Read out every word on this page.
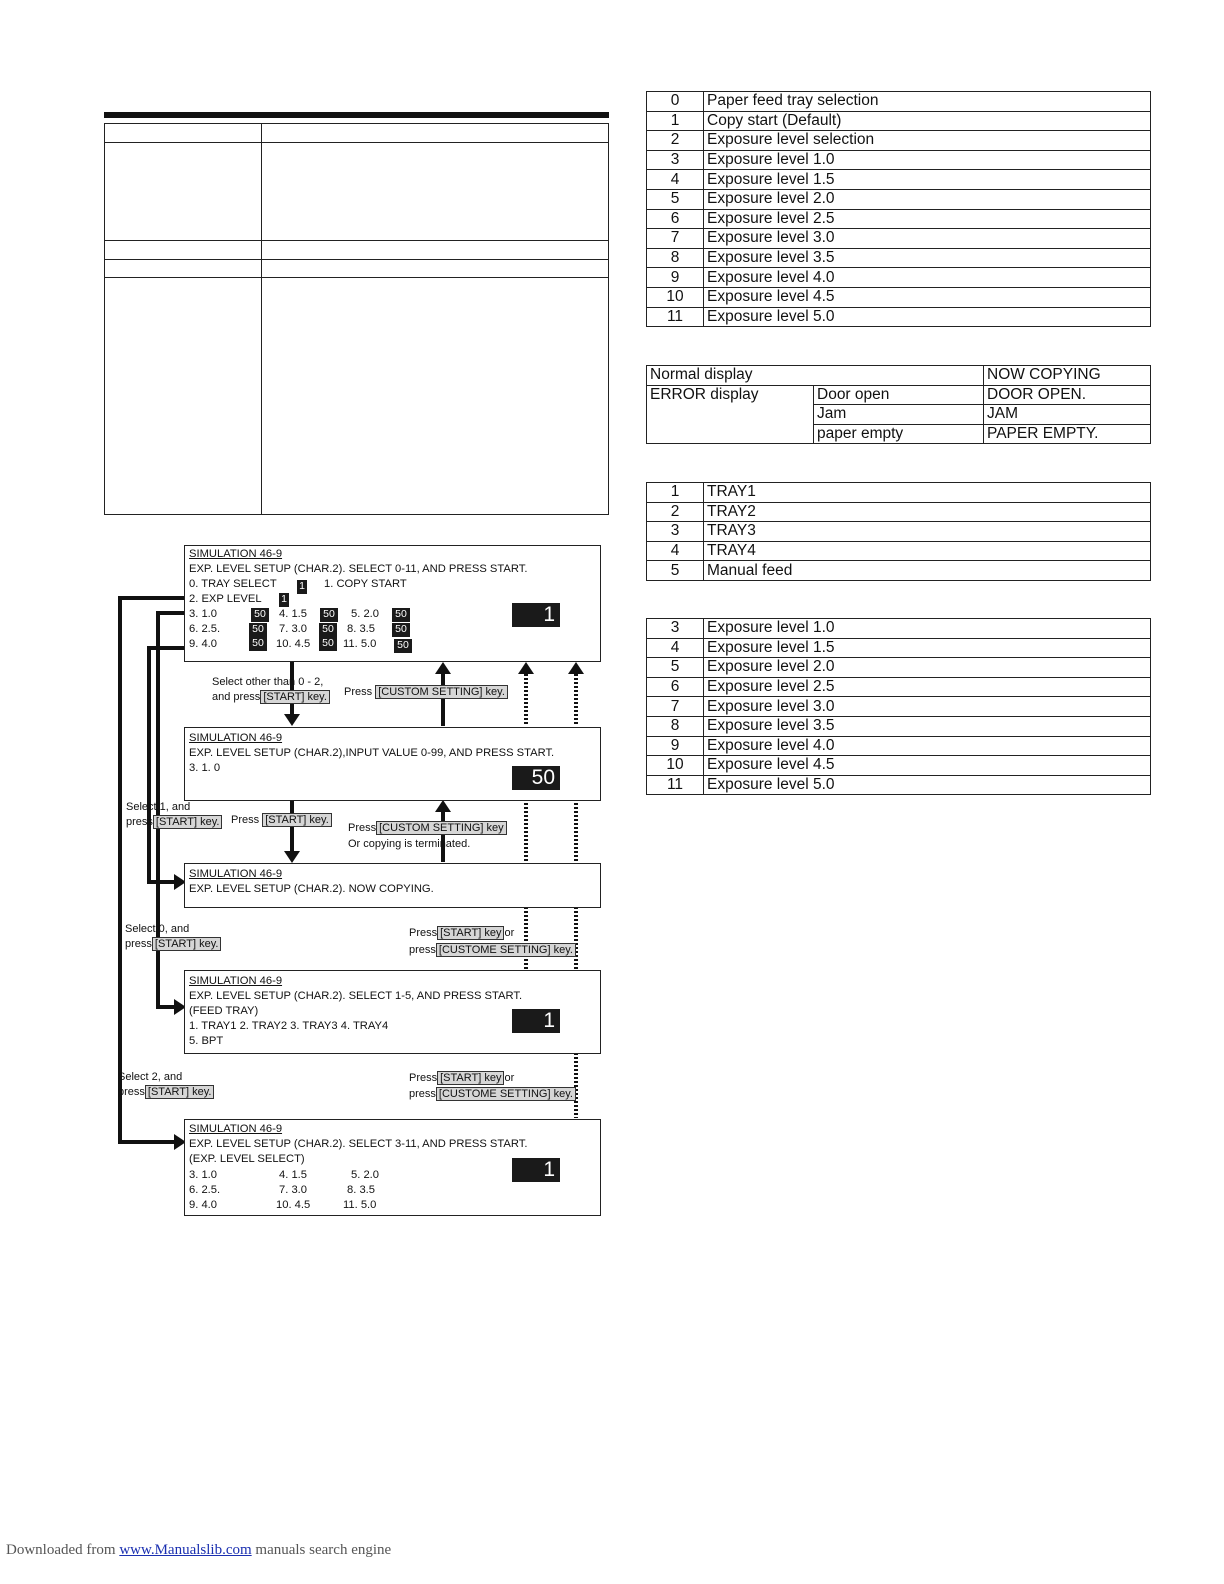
0	Paper feed tray selection
1	Copy start (Default)
2	Exposure level selection
3	Exposure level 1.0
4	Exposure level 1.5
5	Exposure level 2.0
6	Exposure level 2.5
7	Exposure level 3.0
8	Exposure level 3.5
9	Exposure level 4.0
10	Exposure level 4.5
11	Exposure level 5.0
Normal display		NOW COPYING
ERROR display	Door open	DOOR OPEN.
	Jam	JAM
	paper empty	PAPER EMPTY.
1	TRAY1
2	TRAY2
3	TRAY3
4	TRAY4
5	Manual feed
3	Exposure level 1.0
4	Exposure level 1.5
5	Exposure level 2.0
6	Exposure level 2.5
7	Exposure level 3.0
8	Exposure level 3.5
9	Exposure level 4.0
10	Exposure level 4.5
11	Exposure level 5.0
SIMULATION 46-9
EXP. LEVEL SETUP (CHAR.2). SELECT 0-11, AND PRESS START.
0. TRAY SELECT 1 1. COPY START
2. EXP LEVEL 1
3. 1.0	50 4. 1.5	50 5. 2.0	50
6. 2.5.	50 7. 3.0	50 8. 3.5	50
9. 4.0	50 10. 4.5	50 11. 5.0	50
1
Select other than 0 - 2,
and press [START] key. Press [CUSTOM SETTING] key.
SIMULATION 46-9
EXP. LEVEL SETUP (CHAR.2),INPUT VALUE 0-99, AND PRESS START.
3. 1. 0	50
Select 1, and
press [START] key. Press [START] key.
Press [CUSTOM SETTING] key
Or copying is terminated.
SIMULATION 46-9
EXP. LEVEL SETUP (CHAR.2). NOW COPYING.
Select 0, and
press [START] key.
Press [START] key or
press [CUSTOME SETTING] key.
SIMULATION 46-9
EXP. LEVEL SETUP (CHAR.2). SELECT 1-5, AND PRESS START.
(FEED TRAY)
1. TRAY1 2. TRAY2 3. TRAY3 4. TRAY4
5. BPT
1
Select 2, and
press [START] key.
Press [START] key or
press [CUSTOME SETTING] key.
SIMULATION 46-9
EXP. LEVEL SETUP (CHAR.2). SELECT 3-11, AND PRESS START.
(EXP. LEVEL SELECT)
3. 1.0	4. 1.5	5. 2.0
6. 2.5.	7. 3.0	8. 3.5
9. 4.0	10. 4.5	11. 5.0
1
Downloaded from www.Manualslib.com manuals search engine
